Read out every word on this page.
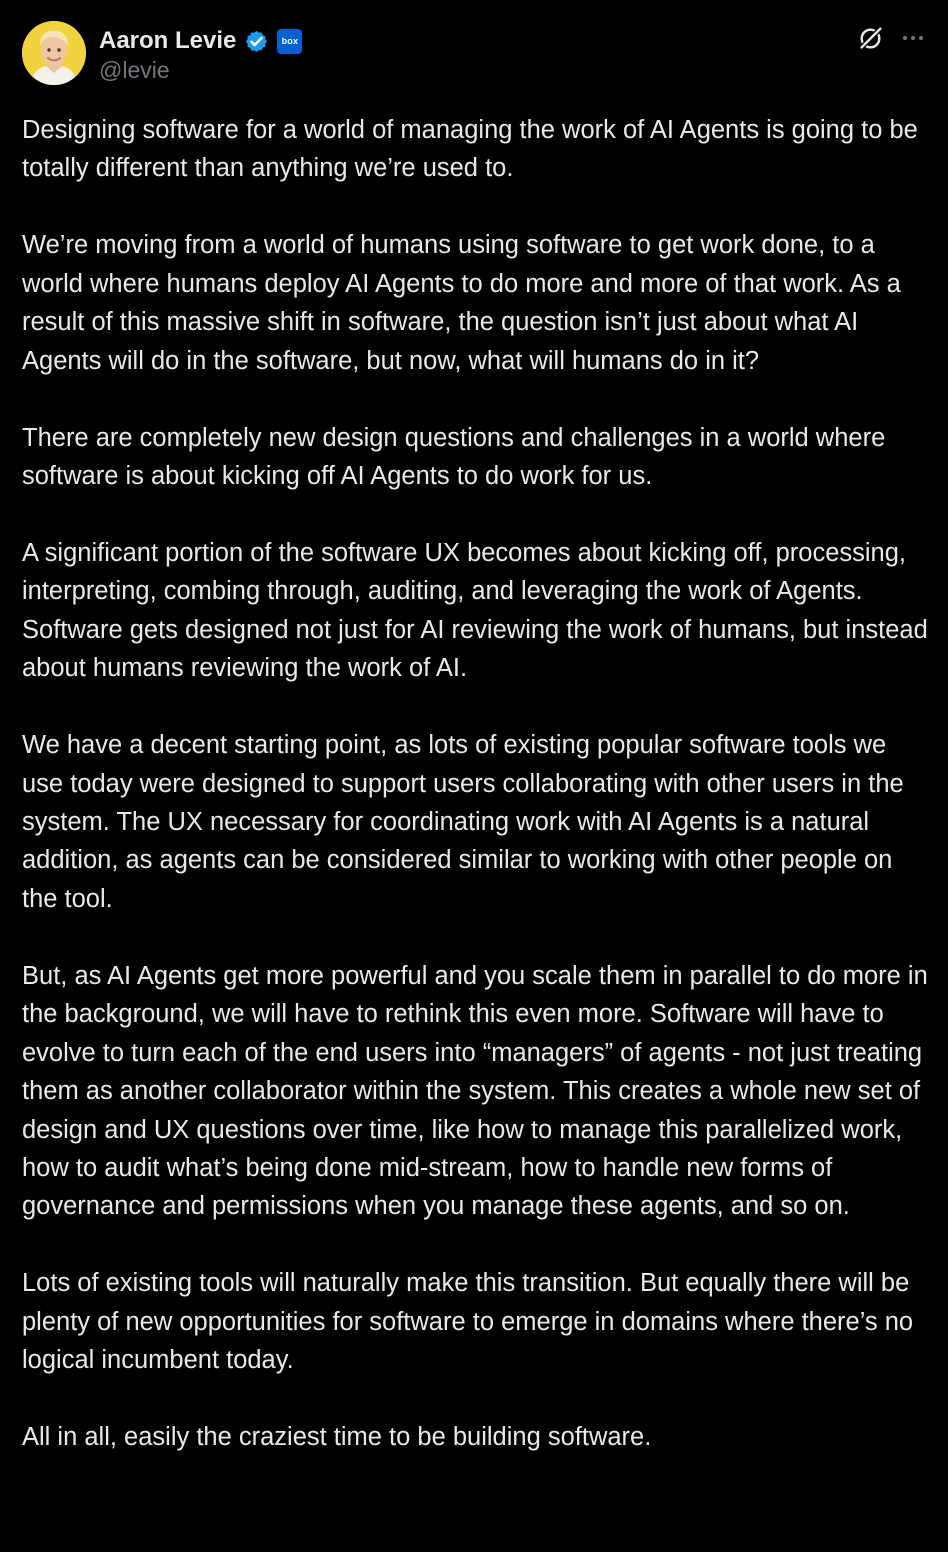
Aaron Levie	box
@levie

Designing software for a world of managing the work of AI Agents is going to be totally different than anything we’re used to.

We’re moving from a world of humans using software to get work done, to a world where humans deploy AI Agents to do more and more of that work. As a result of this massive shift in software, the question isn’t just about what AI Agents will do in the software, but now, what will humans do in it?

There are completely new design questions and challenges in a world where software is about kicking off AI Agents to do work for us.

A significant portion of the software UX becomes about kicking off, processing, interpreting, combing through, auditing, and leveraging the work of Agents. Software gets designed not just for AI reviewing the work of humans, but instead about humans reviewing the work of AI.

We have a decent starting point, as lots of existing popular software tools we use today were designed to support users collaborating with other users in the system. The UX necessary for coordinating work with AI Agents is a natural addition, as agents can be considered similar to working with other people on the tool.

But, as AI Agents get more powerful and you scale them in parallel to do more in the background, we will have to rethink this even more. Software will have to evolve to turn each of the end users into “managers” of agents - not just treating them as another collaborator within the system. This creates a whole new set of design and UX questions over time, like how to manage this parallelized work, how to audit what’s being done mid-stream, how to handle new forms of governance and permissions when you manage these agents, and so on.

Lots of existing tools will naturally make this transition. But equally there will be plenty of new opportunities for software to emerge in domains where there’s no logical incumbent today.

All in all, easily the craziest time to be building software.
